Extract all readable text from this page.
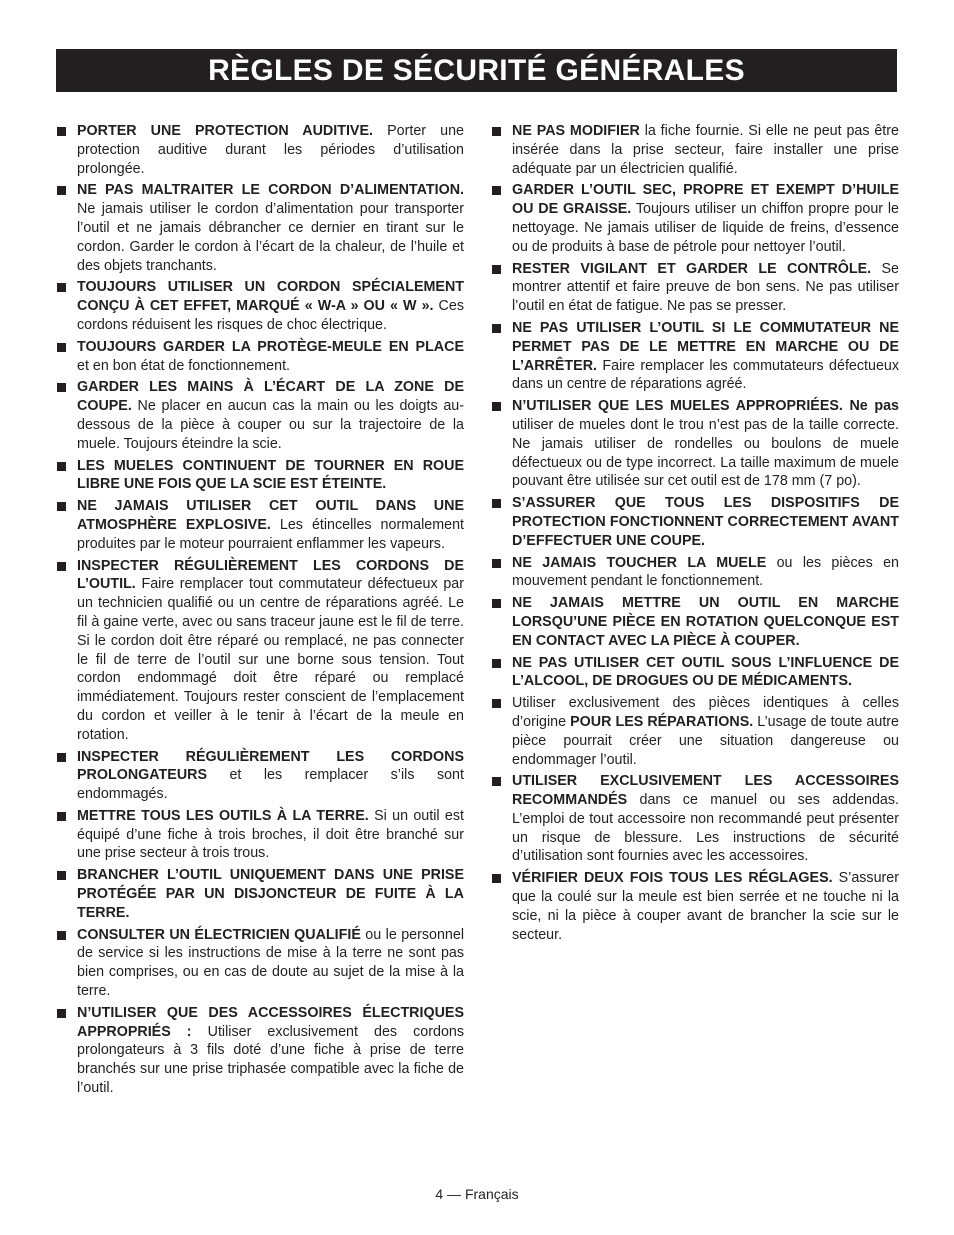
RÈGLES DE SÉCURITÉ GÉNÉRALES
PORTER UNE PROTECTION AUDITIVE. Porter une protection auditive durant les périodes d’utilisation prolongée.
NE PAS MALTRAITER LE CORDON D’ALIMENTATION. Ne jamais utiliser le cordon d’alimentation pour transporter l’outil et ne jamais débrancher ce dernier en tirant sur le cordon. Garder le cordon à l’écart de la chaleur, de l’huile et des objets tranchants.
TOUJOURS UTILISER UN CORDON SPÉCIALEMENT CONÇU À CET EFFET, MARQUÉ « W-A » OU « W ». Ces cordons réduisent les risques de choc électrique.
TOUJOURS GARDER LA PROTÈGE-MEULE EN PLACE et en bon état de fonctionnement.
GARDER LES MAINS À L’ÉCART DE LA ZONE DE COUPE. Ne placer en aucun cas la main ou les doigts au-dessous de la pièce à couper ou sur la trajectoire de la muele. Toujours éteindre la scie.
LES MUELES CONTINUENT DE TOURNER EN ROUE LIBRE UNE FOIS QUE LA SCIE EST ÉTEINTE.
NE JAMAIS UTILISER CET OUTIL DANS UNE ATMOSPHÈRE EXPLOSIVE. Les étincelles normalement produites par le moteur pourraient enflammer les vapeurs.
INSPECTER RÉGULIÈREMENT LES CORDONS DE L’OUTIL. Faire remplacer tout commutateur défectueux par un technicien qualifié ou un centre de réparations agréé. Le fil à gaine verte, avec ou sans traceur jaune est le fil de terre. Si le cordon doit être réparé ou remplacé, ne pas connecter le fil de terre de l’outil sur une borne sous tension. Tout cordon endommagé doit être réparé ou remplacé immédiatement. Toujours rester conscient de l’emplacement du cordon et veiller à le tenir à l’écart de la meule en rotation.
INSPECTER RÉGULIÈREMENT LES CORDONS PROLONGATEURS et les remplacer s’ils sont endommagés.
METTRE TOUS LES OUTILS À LA TERRE. Si un outil est équipé d’une fiche à trois broches, il doit être branché sur une prise secteur à trois trous.
BRANCHER L’OUTIL UNIQUEMENT DANS UNE PRISE PROTÉGÉE PAR UN DISJONCTEUR DE FUITE À LA TERRE.
CONSULTER UN ÉLECTRICIEN QUALIFIÉ ou le personnel de service si les instructions de mise à la terre ne sont pas bien comprises, ou en cas de doute au sujet de la mise à la terre.
N’UTILISER QUE DES ACCESSOIRES ÉLECTRIQUES APPROPRIÉS : Utiliser exclusivement des cordons prolongateurs à 3 fils doté d’une fiche à prise de terre branchés sur une prise triphasée compatible avec la fiche de l’outil.
NE PAS MODIFIER la fiche fournie. Si elle ne peut pas être insérée dans la prise secteur, faire installer une prise adéquate par un électricien qualifié.
GARDER L’OUTIL SEC, PROPRE ET EXEMPT D’HUILE OU DE GRAISSE. Toujours utiliser un chiffon propre pour le nettoyage. Ne jamais utiliser de liquide de freins, d’essence ou de produits à base de pétrole pour nettoyer l’outil.
RESTER VIGILANT ET GARDER LE CONTRÔLE. Se montrer attentif et faire preuve de bon sens. Ne pas utiliser l’outil en état de fatigue. Ne pas se presser.
NE PAS UTILISER L’OUTIL SI LE COMMUTATEUR NE PERMET PAS DE LE METTRE EN MARCHE OU DE L’ARRÊTER. Faire remplacer les commutateurs défectueux dans un centre de réparations agréé.
N’UTILISER QUE LES MUELES APPROPRIÉES. Ne pas utiliser de mueles dont le trou n’est pas de la taille correcte. Ne jamais utiliser de rondelles ou boulons de muele défectueux ou de type incorrect. La taille maximum de muele pouvant être utilisée sur cet outil est de 178 mm (7 po).
S’ASSURER QUE TOUS LES DISPOSITIFS DE PROTECTION FONCTIONNENT CORRECTEMENT AVANT D’EFFECTUER UNE COUPE.
NE JAMAIS TOUCHER LA MUELE ou les pièces en mouvement pendant le fonctionnement.
NE JAMAIS METTRE UN OUTIL EN MARCHE LORSQU’UNE PIÈCE EN ROTATION QUELCONQUE EST EN CONTACT AVEC LA PIÈCE À COUPER.
NE PAS UTILISER CET OUTIL SOUS L’INFLUENCE DE L’ALCOOL, DE DROGUES OU DE MÉDICAMENTS.
Utiliser exclusivement des pièces identiques à celles d’origine POUR LES RÉPARATIONS. L’usage de toute autre pièce pourrait créer une situation dangereuse ou endommager l’outil.
UTILISER EXCLUSIVEMENT LES ACCESSOIRES RECOMMANDÉS dans ce manuel ou ses addendas. L’emploi de tout accessoire non recommandé peut présenter un risque de blessure. Les instructions de sécurité d’utilisation sont fournies avec les accessoires.
VÉRIFIER DEUX FOIS TOUS LES RÉGLAGES. S’assurer que la coulé sur la meule est bien serrée et ne touche ni la scie, ni la pièce à couper avant de brancher la scie sur le secteur.
4 — Français
